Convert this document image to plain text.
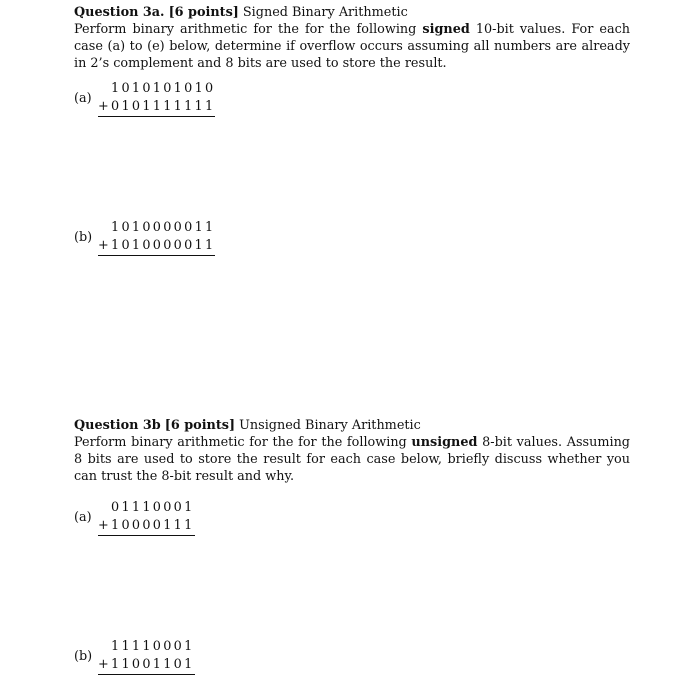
Question 3a. [6 points] Signed Binary Arithmetic
Perform binary arithmetic for the for the following signed 10-bit values. For each case (a) to (e) below, determine if overflow occurs assuming all numbers are already in 2’s complement and 8 bits are used to store the result.

(a)
1010101010
+0101111111
(b)
1010000011
+1010000011

Question 3b [6 points] Unsigned Binary Arithmetic
Perform binary arithmetic for the for the following unsigned 8-bit values. Assuming 8 bits are used to store the result for each case below, briefly discuss whether you can trust the 8-bit result and why.

(a)
01110001
+10000111
(b)
11110001
+11001101
